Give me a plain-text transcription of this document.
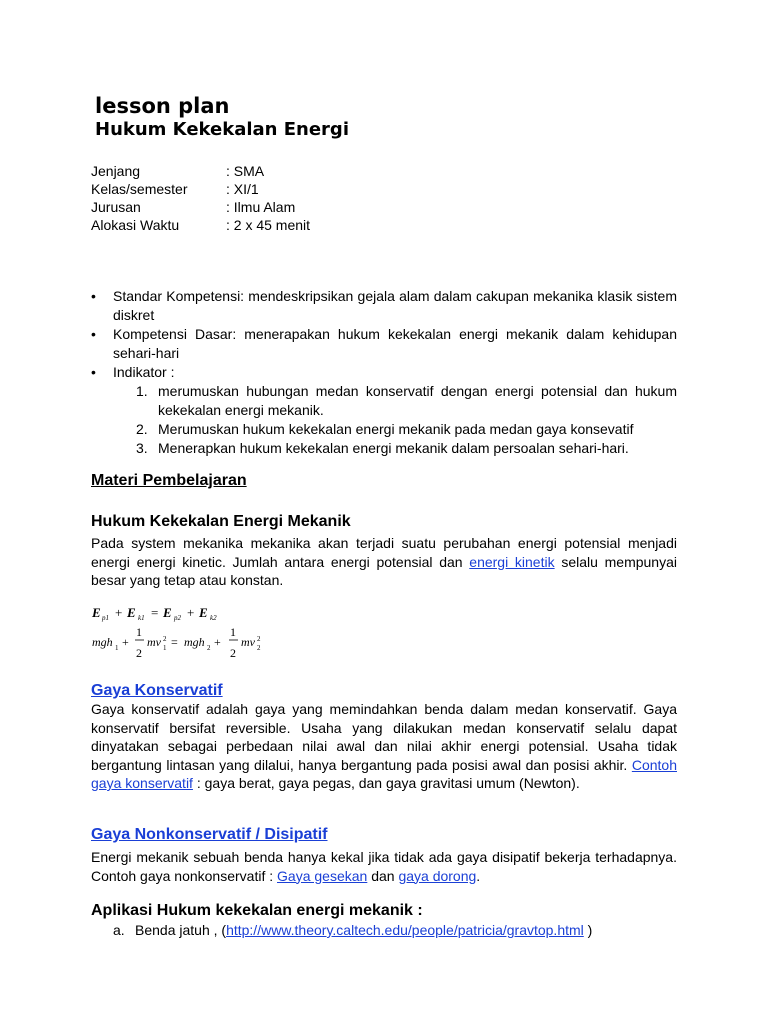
lesson plan
Hukum Kekekalan Energi
Jenjang	: SMA
Kelas/semester	: XI/1
Jurusan	: Ilmu Alam
Alokasi Waktu	: 2 x 45 menit
• Standar Kompetensi: mendeskripsikan gejala alam dalam cakupan mekanika klasik sistem diskret
• Kompetensi Dasar: menerapakan hukum kekekalan energi mekanik dalam kehidupan sehari-hari
• Indikator :
1. merumuskan hubungan medan konservatif dengan energi potensial dan hukum kekekalan energi mekanik.
2. Merumuskan hukum kekekalan energi mekanik pada medan gaya konsevatif
3. Menerapkan hukum kekekalan energi mekanik dalam persoalan sehari-hari.
Materi Pembelajaran
Hukum Kekekalan Energi Mekanik
Pada system mekanika mekanika akan terjadi suatu perubahan energi potensial menjadi energi energi kinetic. Jumlah antara energi potensial dan energi kinetik selalu mempunyai besar yang tetap atau konstan.
E p1 + E k1 = E p2 + E k2
mgh 1 +
1
2
mv 2
1 = mgh 2 +
1
2
mv 2
2
Gaya Konservatif
Gaya konservatif adalah gaya yang memindahkan benda dalam medan konservatif. Gaya konservatif bersifat reversible. Usaha yang dilakukan medan konservatif selalu dapat dinyatakan sebagai perbedaan nilai awal dan nilai akhir energi potensial. Usaha tidak bergantung lintasan yang dilalui, hanya bergantung pada posisi awal dan posisi akhir. Contoh gaya konservatif : gaya berat, gaya pegas, dan gaya gravitasi umum (Newton).
Gaya Nonkonservatif / Disipatif
Energi mekanik sebuah benda hanya kekal jika tidak ada gaya disipatif bekerja terhadapnya. Contoh gaya nonkonservatif : Gaya gesekan dan gaya dorong.
Aplikasi Hukum kekekalan energi mekanik :
a. Benda jatuh , (http://www.theory.caltech.edu/people/patricia/gravtop.html )
